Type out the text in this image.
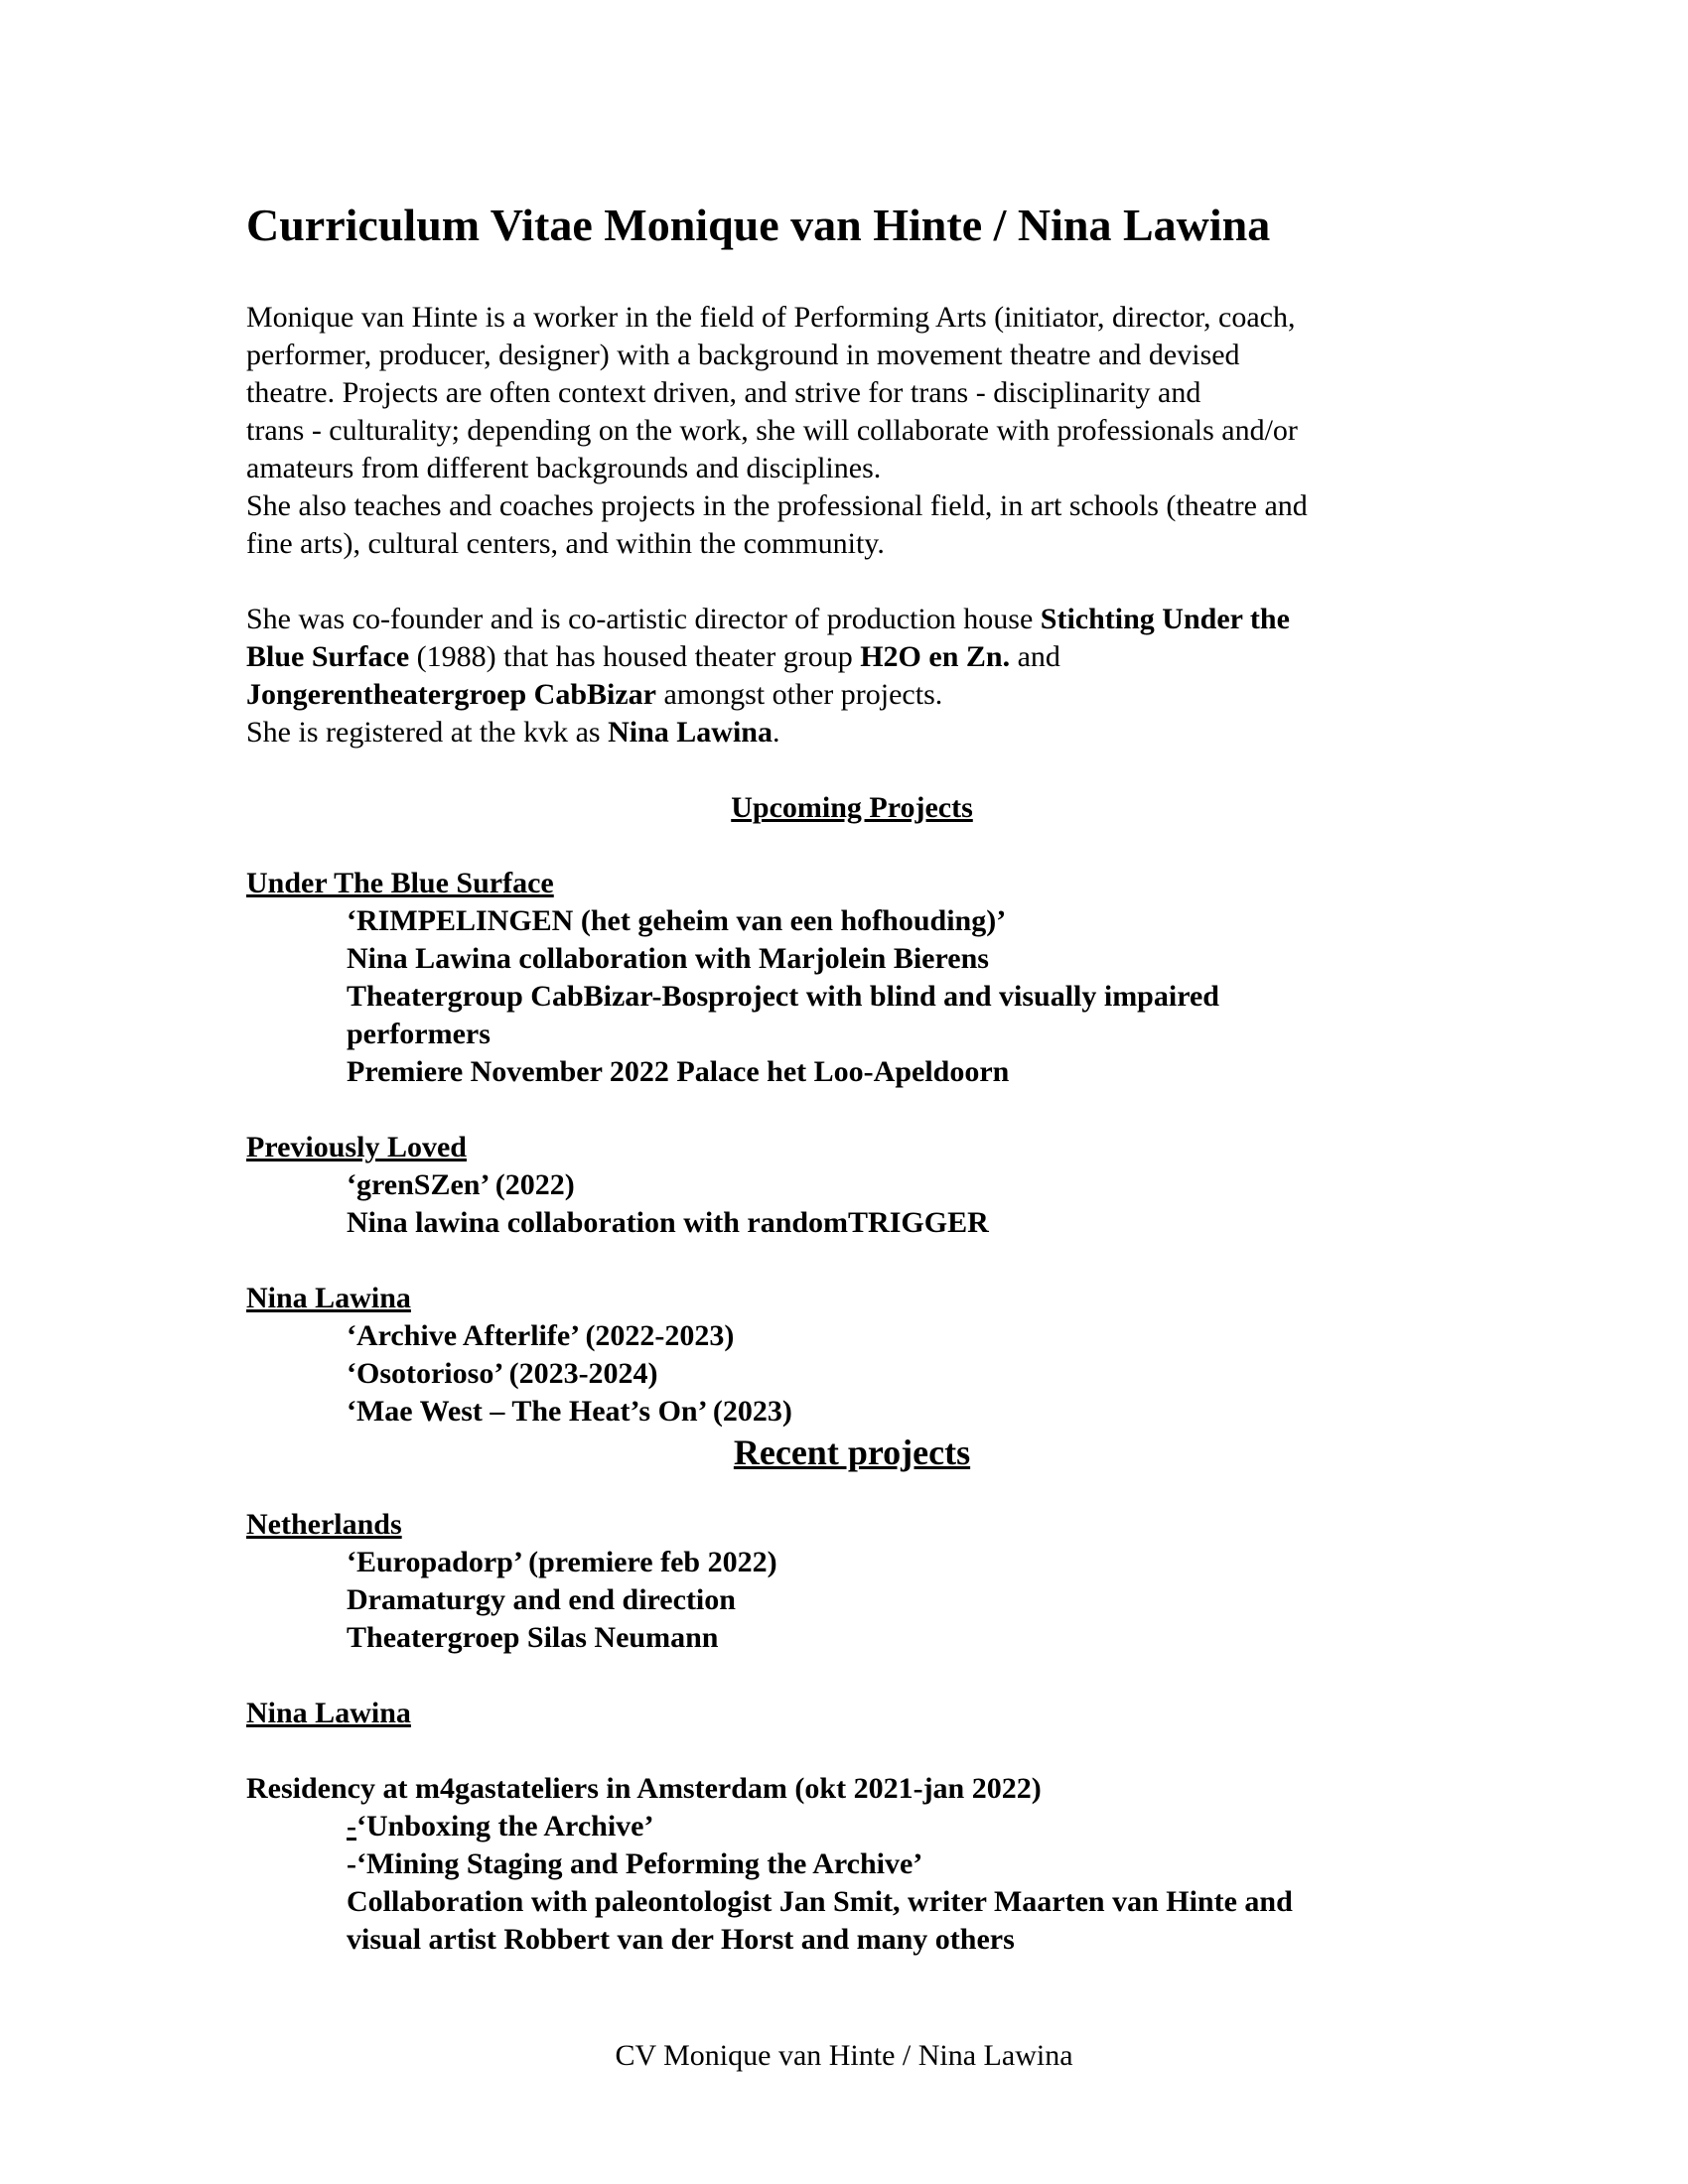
Curriculum Vitae Monique van Hinte / Nina Lawina

Monique van Hinte is a worker in the field of Performing Arts (initiator, director, coach,

performer, producer, designer) with a background in movement theatre and devised

theatre. Projects are often context driven, and strive for trans - disciplinarity and

trans - culturality; depending on the work, she will collaborate with professionals and/or

amateurs from different backgrounds and disciplines.

She also teaches and coaches projects in the professional field, in art schools (theatre and

fine arts), cultural centers, and within the community.

She was co-founder and is co-artistic director of production house Stichting Under the

Blue Surface (1988) that has housed theater group H2O en Zn. and

Jongerentheatergroep CabBizar amongst other projects.

She is registered at the kvk as Nina Lawina.

Upcoming Projects

Under The Blue Surface

‘RIMPELINGEN (het geheim van een hofhouding)’

Nina Lawina collaboration with Marjolein Bierens

Theatergroup CabBizar-Bosproject with blind and visually impaired

performers

Premiere November 2022 Palace het Loo-Apeldoorn

Previously Loved

‘grenSZen’ (2022)

Nina lawina collaboration with randomTRIGGER

Nina Lawina

‘Archive Afterlife’ (2022-2023)

‘Osotorioso’ (2023-2024)

‘Mae West – The Heat’s On’ (2023)

Recent projects

Netherlands

‘Europadorp’ (premiere feb 2022)

Dramaturgy and end direction

Theatergroep Silas Neumann

Nina Lawina

Residency at m4gastateliers in Amsterdam (okt 2021-jan 2022)

-‘Unboxing the Archive’

-‘Mining Staging and Peforming the Archive’

Collaboration with paleontologist Jan Smit, writer Maarten van Hinte and

visual artist Robbert van der Horst and many others

CV Monique van Hinte / Nina Lawina
